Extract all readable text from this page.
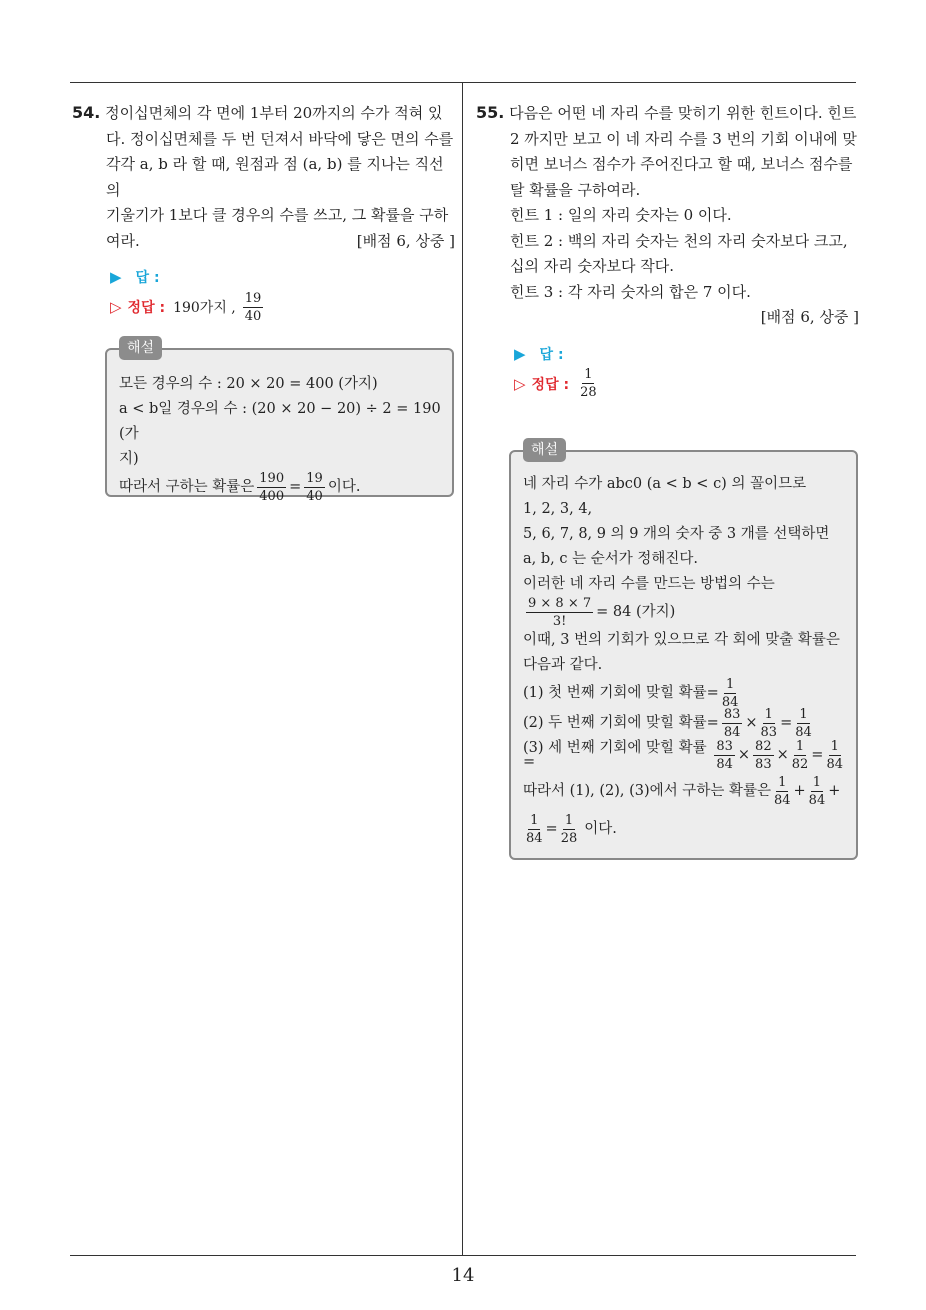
14
54. 정이십면체의 각 면에 1부터 20까지의 수가 적혀 있
다. 정이십면체를 두 번 던져서 바닥에 닿은 면의 수를
각각 a, b 라 할 때, 원점과 점 (a, b) 를 지나는 직선의
기울기가 1보다 클 경우의 수를 쓰고, 그 확률을 구하
여라.	[배점 6, 상중 ]
▶ 답 :
▷ 정답 : 190가지 , $\frac{19}{40}$
해설
모든 경우의 수 : 20 × 20 = 400 (가지)
a < b일 경우의 수 : (20 × 20 − 20) ÷ 2 = 190 (가
지)
따라서 구하는 확률은 $\frac{190}{400} = \frac{19}{40}$ 이다.
55. 다음은 어떤 네 자리 수를 맞히기 위한 힌트이다. 힌트
2 까지만 보고 이 네 자리 수를 3 번의 기회 이내에 맞
히면 보너스 점수가 주어진다고 할 때, 보너스 점수를
탈 확률을 구하여라.
힌트 1 : 일의 자리 숫자는 0 이다.
힌트 2 : 백의 자리 숫자는 천의 자리 숫자보다 크고,
십의 자리 숫자보다 작다.
힌트 3 : 각 자리 숫자의 합은 7 이다.
[배점 6, 상중 ]
▶ 답 :
▷ 정답 : $\frac{1}{28}$
해설
네 자리 수가 abc0 (a < b < c) 의 꼴이므로
1, 2, 3, 4,
5, 6, 7, 8, 9 의 9 개의 숫자 중 3 개를 선택하면
a, b, c 는 순서가 정해진다.
이러한 네 자리 수를 만드는 방법의 수는
$\frac{9 \times 8 \times 7}{3!} = 84$ (가지)
이때, 3 번의 기회가 있으므로 각 회에 맞출 확률은
다음과 같다.
(1) 첫 번째 기회에 맞힐 확률= $\frac{1}{84}$
(2) 두 번째 기회에 맞힐 확률= $\frac{83}{84} \times \frac{1}{83} = \frac{1}{84}$
(3) 세 번째 기회에 맞힐 확률=	$\frac{83}{84} \times \frac{82}{83} \times \frac{1}{82} = \frac{1}{84}$
따라서 (1), (2), (3)에서 구하는 확률은 $\frac{1}{84} + \frac{1}{84}$ +
$\frac{1}{84} = \frac{1}{28}$ 이다.
